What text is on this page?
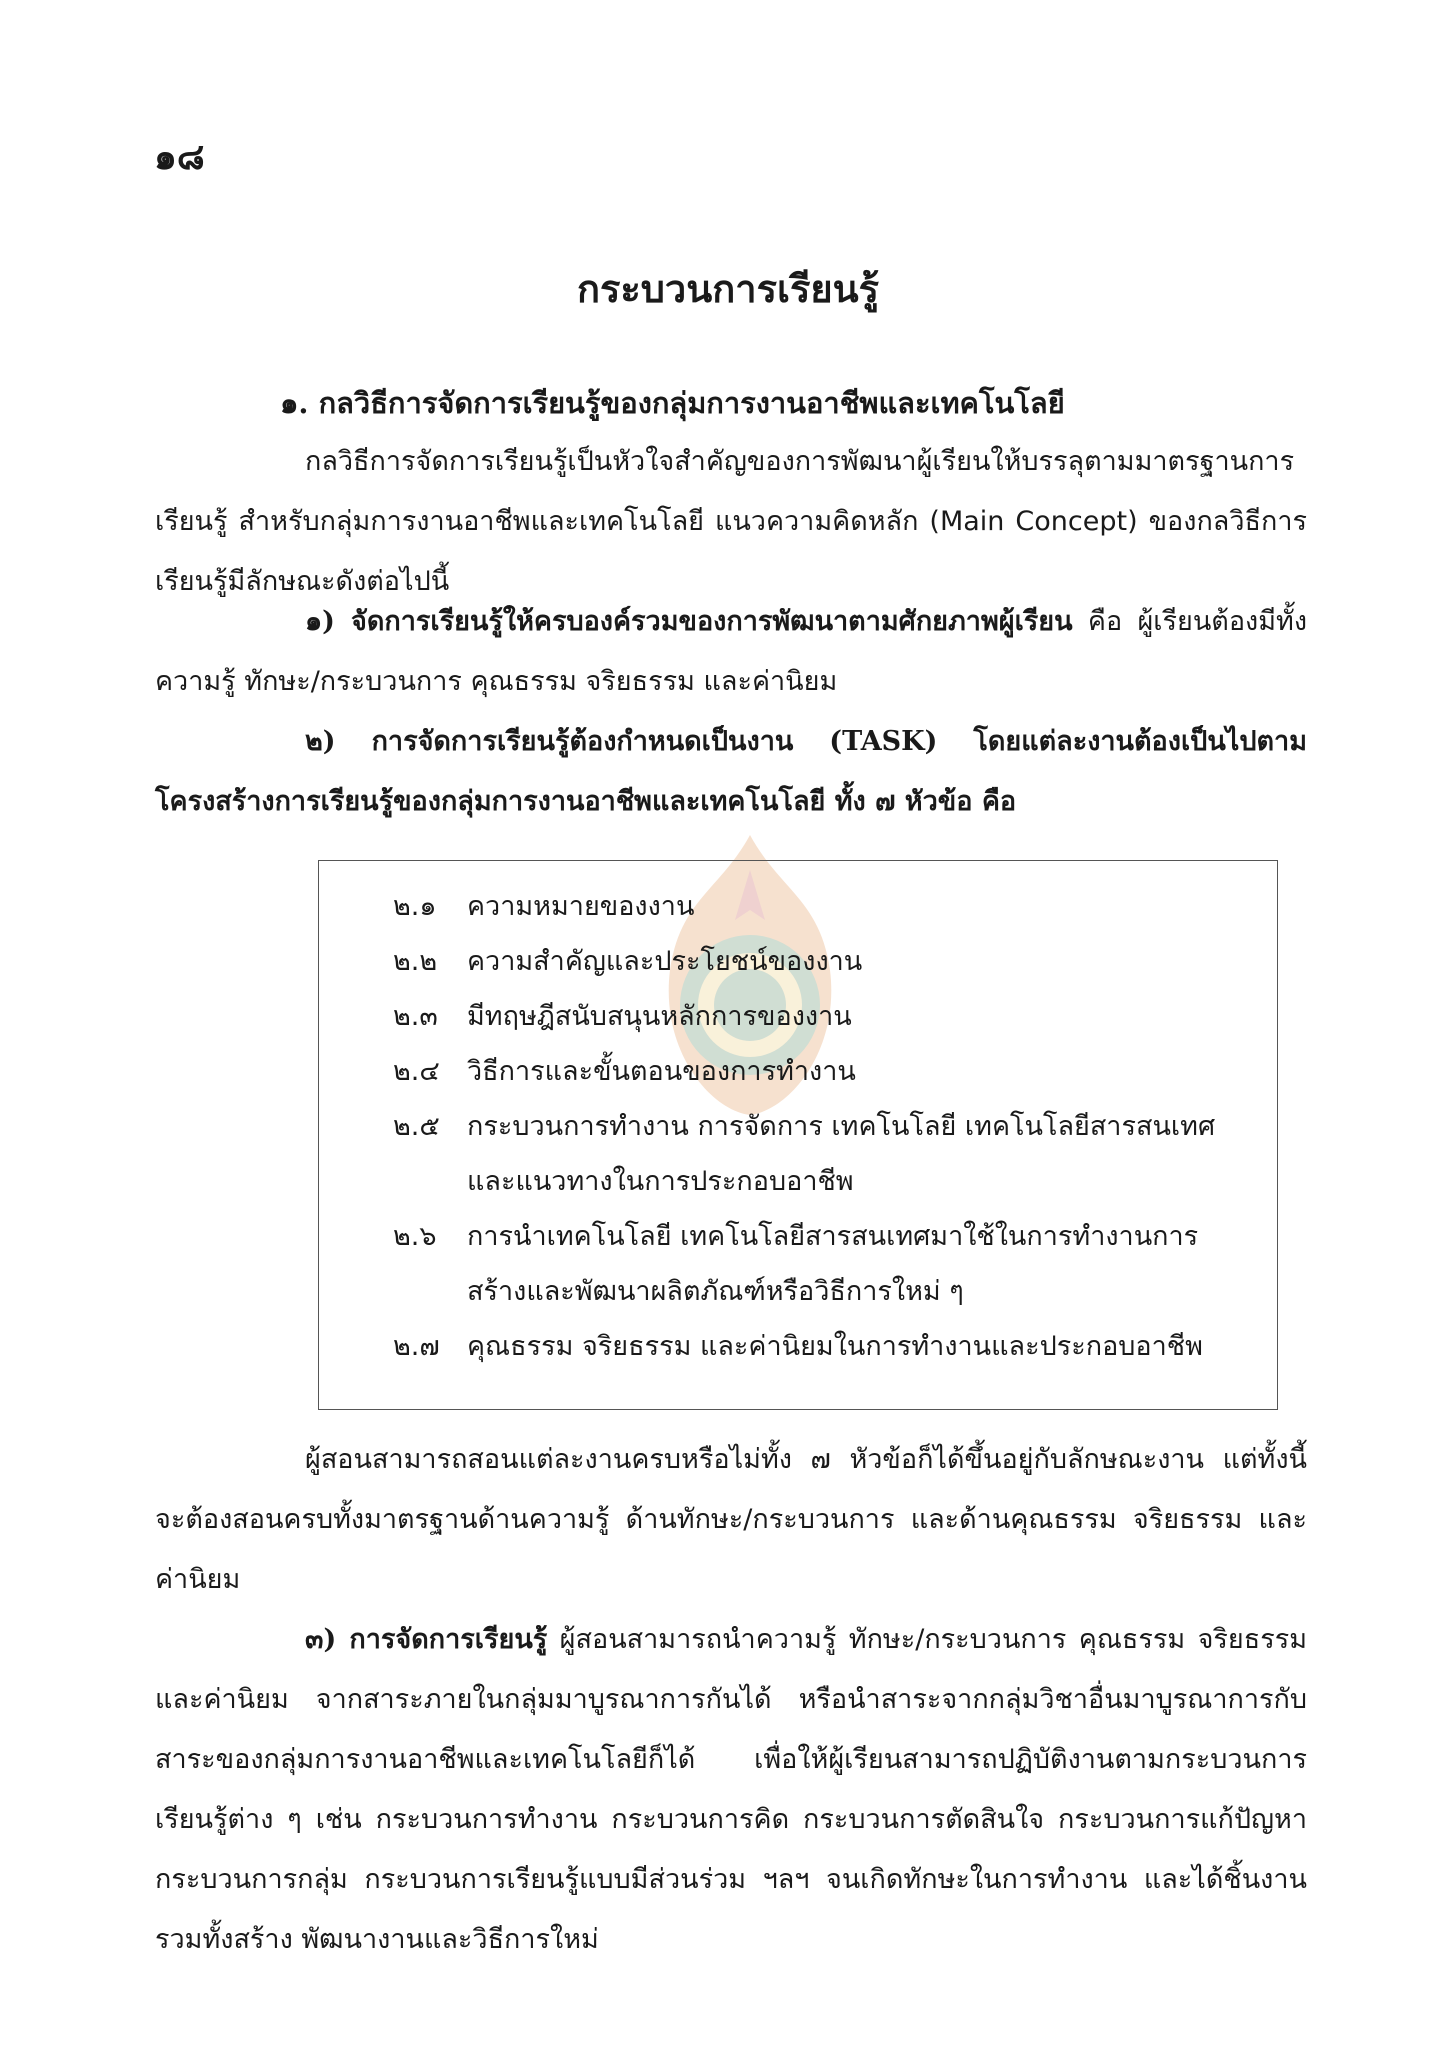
๑๘
กระบวนการเรียนรู้
๑. กลวิธีการจัดการเรียนรู้ของกลุ่มการงานอาชีพและเทคโนโลยี
กลวิธีการจัดการเรียนรู้เป็นหัวใจสำคัญของการพัฒนาผู้เรียนให้บรรลุตามมาตรฐานการเรียนรู้ สำหรับกลุ่มการงานอาชีพและเทคโนโลยี แนวความคิดหลัก (Main Concept) ของกลวิธีการเรียนรู้มีลักษณะดังต่อไปนี้
๑) จัดการเรียนรู้ให้ครบองค์รวมของการพัฒนาตามศักยภาพผู้เรียน คือ ผู้เรียนต้องมีทั้งความรู้ ทักษะ/กระบวนการ คุณธรรม จริยธรรม และค่านิยม
๒) การจัดการเรียนรู้ต้องกำหนดเป็นงาน (TASK) โดยแต่ละงานต้องเป็นไปตามโครงสร้างการเรียนรู้ของกลุ่มการงานอาชีพและเทคโนโลยี ทั้ง ๗ หัวข้อ คือ
๒.๑	ความหมายของงาน
๒.๒	ความสำคัญและประโยชน์ของงาน
๒.๓	มีทฤษฎีสนับสนุนหลักการของงาน
๒.๔	วิธีการและขั้นตอนของการทำงาน
๒.๕	กระบวนการทำงาน การจัดการ เทคโนโลยี เทคโนโลยีสารสนเทศและแนวทางในการประกอบอาชีพ
๒.๖	การนำเทคโนโลยี เทคโนโลยีสารสนเทศมาใช้ในการทำงานการสร้างและพัฒนาผลิตภัณฑ์หรือวิธีการใหม่ ๆ
๒.๗	คุณธรรม จริยธรรม และค่านิยมในการทำงานและประกอบอาชีพ
ผู้สอนสามารถสอนแต่ละงานครบหรือไม่ทั้ง ๗ หัวข้อก็ได้ขึ้นอยู่กับลักษณะงาน แต่ทั้งนี้จะต้องสอนครบทั้งมาตรฐานด้านความรู้ ด้านทักษะ/กระบวนการ และด้านคุณธรรม จริยธรรม และค่านิยม
๓) การจัดการเรียนรู้ ผู้สอนสามารถนำความรู้ ทักษะ/กระบวนการ คุณธรรม จริยธรรม และค่านิยม จากสาระภายในกลุ่มมาบูรณาการกันได้ หรือนำสาระจากกลุ่มวิชาอื่นมาบูรณาการกับสาระของกลุ่มการงานอาชีพและเทคโนโลยีก็ได้ เพื่อให้ผู้เรียนสามารถปฏิบัติงานตามกระบวนการเรียนรู้ต่าง ๆ เช่น กระบวนการทำงาน กระบวนการคิด กระบวนการตัดสินใจ กระบวนการแก้ปัญหา กระบวนการกลุ่ม กระบวนการเรียนรู้แบบมีส่วนร่วม ฯลฯ จนเกิดทักษะในการทำงาน และได้ชิ้นงาน รวมทั้งสร้าง พัฒนางานและวิธีการใหม่
